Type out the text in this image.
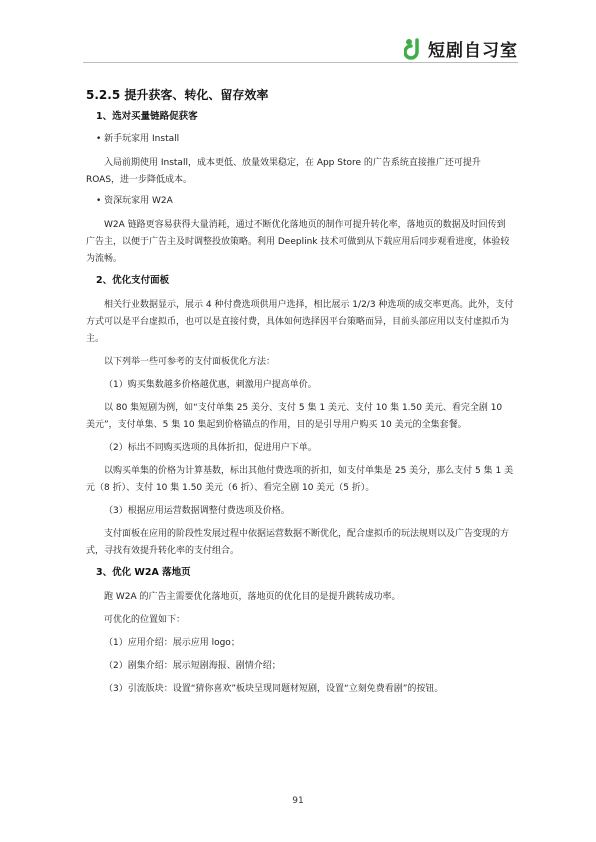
短剧自习室
5.2.5 提升获客、转化、留存效率
1、选对买量链路促获客
• 新手玩家用 Install

入局前期使用 Install，成本更低、放量效果稳定，在 App Store 的广告系统直接推广还可提升 ROAS，进一步降低成本。

• 资深玩家用 W2A

W2A 链路更容易获得大量消耗，通过不断优化落地页的制作可提升转化率，落地页的数据及时回传到广告主，以便于广告主及时调整投放策略。利用 Deeplink 技术可做到从下载应用后同步观看进度，体验较为流畅。

2、优化支付面板

相关行业数据显示，展示 4 种付费选项供用户选择，相比展示 1/2/3 种选项的成交率更高。此外，支付方式可以是平台虚拟币，也可以是直接付费，具体如何选择因平台策略而异，目前头部应用以支付虚拟币为主。

以下列举一些可参考的支付面板优化方法：

（1）购买集数越多价格越优惠，刺激用户提高单价。

以 80 集短剧为例，如“支付单集 25 美分、支付 5 集 1 美元、支付 10 集 1.50 美元、看完全剧 10 美元”，支付单集、5 集 10 集起到价格锚点的作用，目的是引导用户购买 10 美元的全集套餐。

（2）标出不同购买选项的具体折扣，促进用户下单。

以购买单集的价格为计算基数，标出其他付费选项的折扣，如支付单集是 25 美分，那么支付 5 集 1 美元（8 折）、支付 10 集 1.50 美元（6 折）、看完全剧 10 美元（5 折）。

（3）根据应用运营数据调整付费选项及价格。

支付面板在应用的阶段性发展过程中依据运营数据不断优化，配合虚拟币的玩法规则以及广告变现的方式，寻找有效提升转化率的支付组合。

3、优化 W2A 落地页

跑 W2A 的广告主需要优化落地页，落地页的优化目的是提升跳转成功率。

可优化的位置如下：

（1）应用介绍：展示应用 logo；

（2）剧集介绍：展示短剧海报、剧情介绍；

（3）引流版块：设置“猜你喜欢”板块呈现同题材短剧，设置“立刻免费看剧”的按钮。

91
